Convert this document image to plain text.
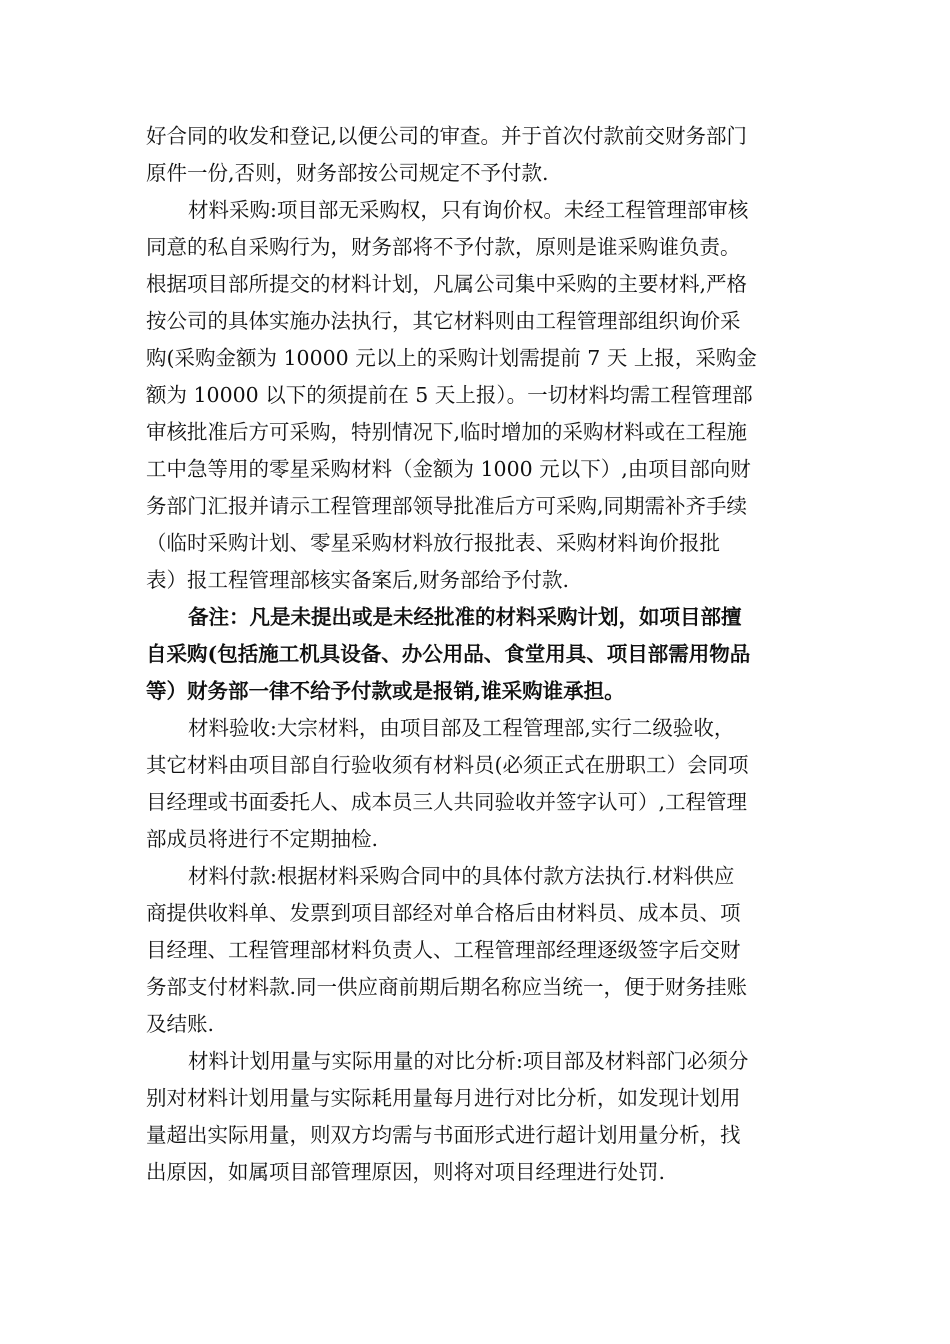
好合同的收发和登记,以便公司的审查。并于首次付款前交财务部门
原件一份,否则，财务部按公司规定不予付款.
材料采购:项目部无采购权，只有询价权。未经工程管理部审核
同意的私自采购行为，财务部将不予付款，原则是谁采购谁负责。
根据项目部所提交的材料计划，凡属公司集中采购的主要材料,严格
按公司的具体实施办法执行，其它材料则由工程管理部组织询价采
购(采购金额为 10000 元以上的采购计划需提前 7 天 上报，采购金
额为 10000 以下的须提前在 5 天上报）。一切材料均需工程管理部
审核批准后方可采购，特别情况下,临时增加的采购材料或在工程施
工中急等用的零星采购材料（金额为 1000 元以下）,由项目部向财
务部门汇报并请示工程管理部领导批准后方可采购,同期需补齐手续
（临时采购计划、零星采购材料放行报批表、采购材料询价报批
表）报工程管理部核实备案后,财务部给予付款.
备注：凡是未提出或是未经批准的材料采购计划，如项目部擅
自采购(包括施工机具设备、办公用品、食堂用具、项目部需用物品
等）财务部一律不给予付款或是报销,谁采购谁承担。
材料验收:大宗材料，由项目部及工程管理部,实行二级验收，
其它材料由项目部自行验收须有材料员(必须正式在册职工）会同项
目经理或书面委托人、成本员三人共同验收并签字认可）,工程管理
部成员将进行不定期抽检.
材料付款:根据材料采购合同中的具体付款方法执行.材料供应
商提供收料单、发票到项目部经对单合格后由材料员、成本员、项
目经理、工程管理部材料负责人、工程管理部经理逐级签字后交财
务部支付材料款.同一供应商前期后期名称应当统一，便于财务挂账
及结账.
材料计划用量与实际用量的对比分析:项目部及材料部门必须分
别对材料计划用量与实际耗用量每月进行对比分析，如发现计划用
量超出实际用量，则双方均需与书面形式进行超计划用量分析，找
出原因，如属项目部管理原因，则将对项目经理进行处罚.
